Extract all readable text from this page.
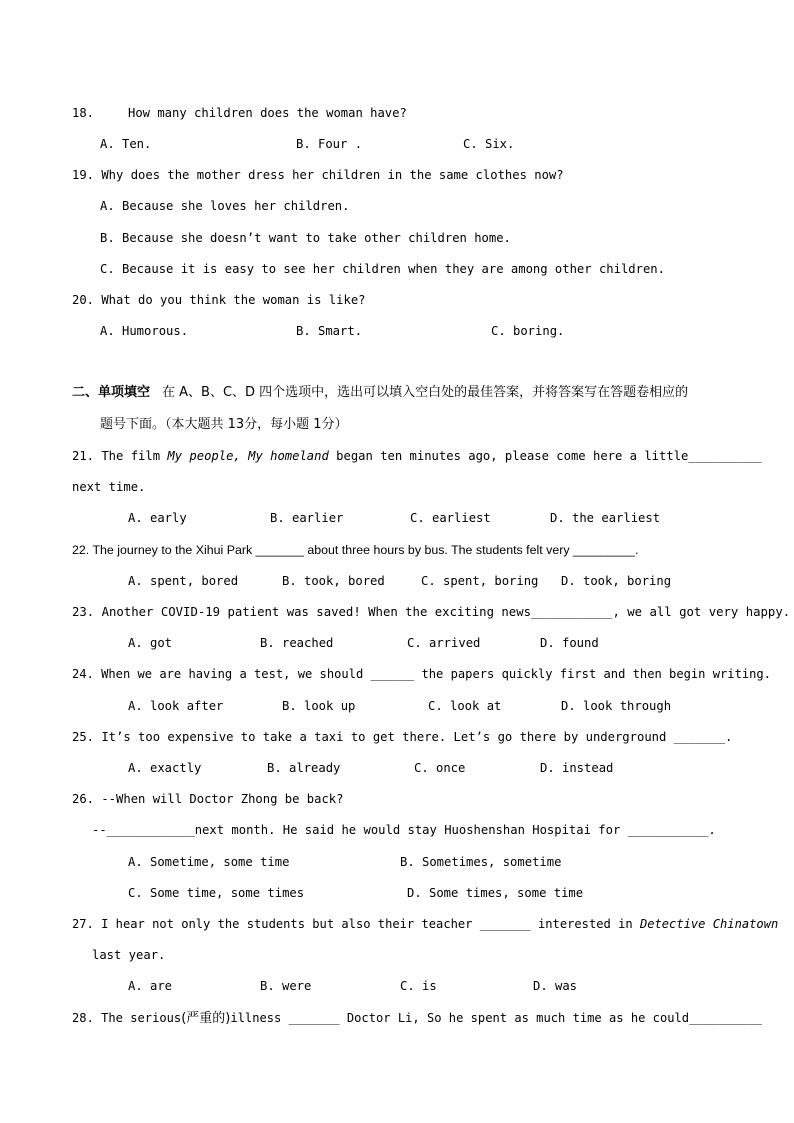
18.	How many children does the woman have?
A. Ten.	B. Four .	C. Six.
19. Why does the mother dress her children in the same clothes now?
A. Because she loves her children.
B. Because she doesn’t want to take other children home.
C. Because it is easy to see her children when they are among other children.
20. What do you think the woman is like?
A. Humorous.	B. Smart.	C. boring.
二、单项填空 在 A、B、C、D 四个选项中，选出可以填入空白处的最佳答案，并将答案写在答题卷相应的
题号下面。（本大题共 13分，每小题 1分）
21. The film My people, My homeland began ten minutes ago, please come here a little__________
next time.
A. early	B. earlier	C. earliest	D. the earliest
22. The journey to the Xihui Park _______ about three hours by bus. The students felt very _________.
A. spent, bored	B. took, bored	C. spent, boring D. took, boring
23. Another COVID-19 patient was saved! When the exciting news___________, we all got very happy.
A. got	B. reached	C. arrived	D. found
24. When we are having a test, we should ______ the papers quickly first and then begin writing.
A. look after	B. look up	C. look at	D. look through
25. It’s too expensive to take a taxi to get there. Let’s go there by underground _______.
A. exactly	B. already	C. once	D. instead
26. --When will Doctor Zhong be back?
--____________next month. He said he would stay Huoshenshan Hospitai for ___________.
A. Sometime, some time	B. Sometimes, sometime
C. Some time, some times	D. Some times, some time
27. I hear not only the students but also their teacher _______ interested in Detective Chinatown
last year.
A. are	B. were	C. is	D. was
28. The serious(严重的)illness _______ Doctor Li, So he spent as much time as he could__________
